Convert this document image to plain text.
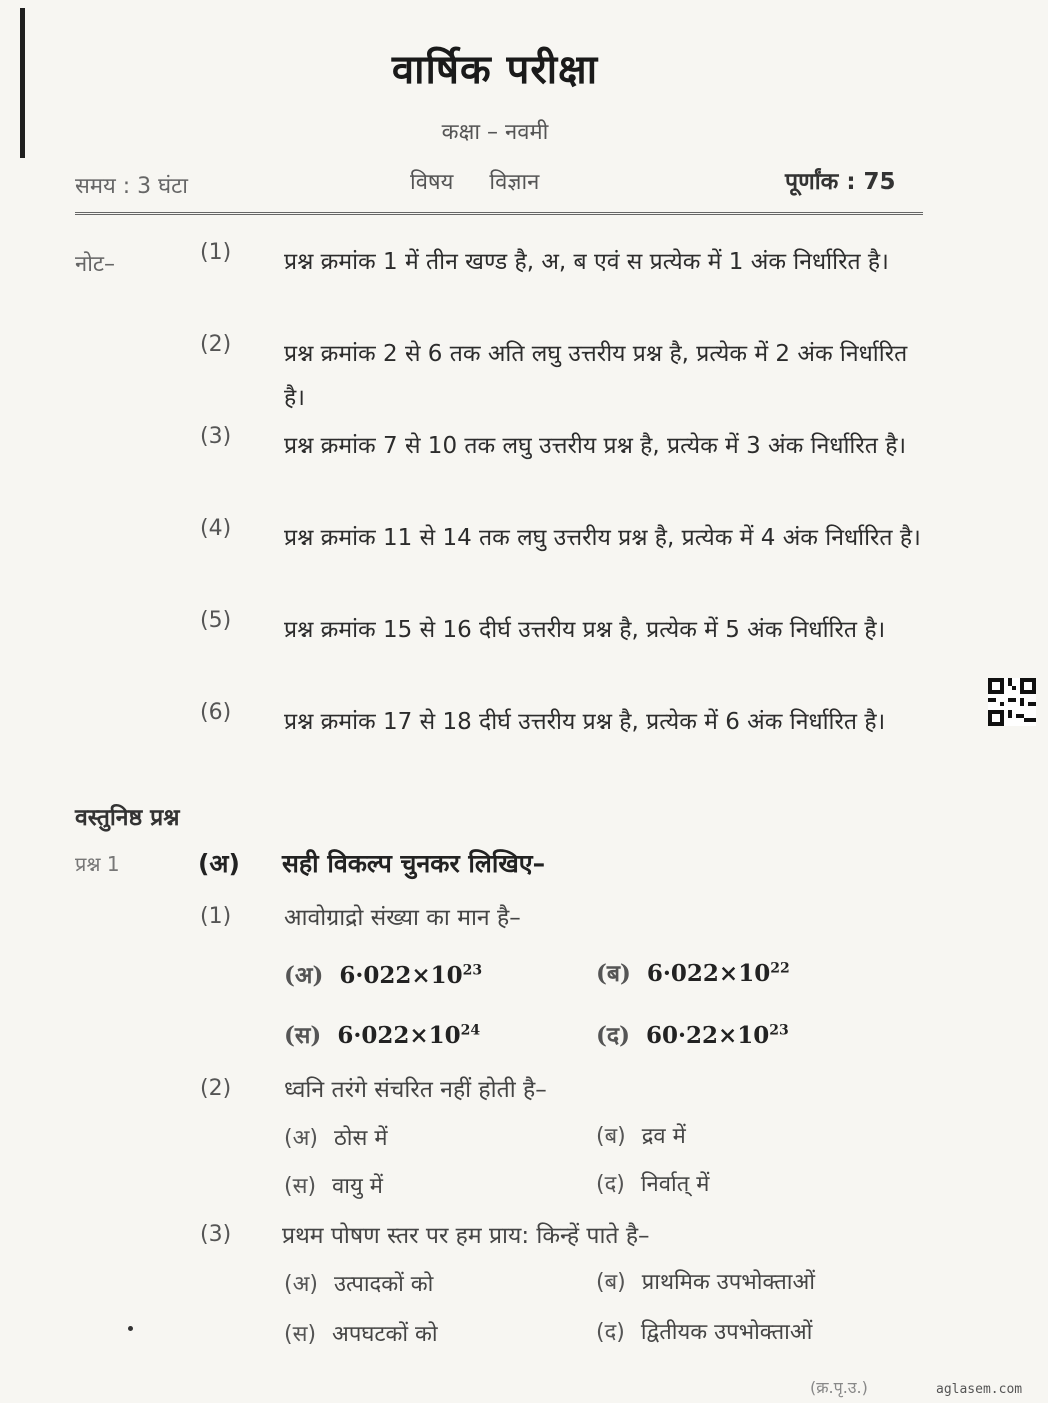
वार्षिक परीक्षा
कक्षा – नवमी
समय : 3 घंटा	विषय विज्ञान	पूर्णांक : 75
नोट–	(1) प्रश्न क्रमांक 1 में तीन खण्ड है, अ, ब एवं स प्रत्येक में 1 अंक निर्धारित है।
(2) प्रश्न क्रमांक 2 से 6 तक अति लघु उत्तरीय प्रश्न है, प्रत्येक में 2 अंक निर्धारित है।
(3) प्रश्न क्रमांक 7 से 10 तक लघु उत्तरीय प्रश्न है, प्रत्येक में 3 अंक निर्धारित है।
(4) प्रश्न क्रमांक 11 से 14 तक लघु उत्तरीय प्रश्न है, प्रत्येक में 4 अंक निर्धारित है।
(5) प्रश्न क्रमांक 15 से 16 दीर्घ उत्तरीय प्रश्न है, प्रत्येक में 5 अंक निर्धारित है।
(6) प्रश्न क्रमांक 17 से 18 दीर्घ उत्तरीय प्रश्न है, प्रत्येक में 6 अंक निर्धारित है।
वस्तुनिष्ठ प्रश्न
प्रश्न 1	(अ) सही विकल्प चुनकर लिखिए–
(1) आवोग्राद्रो संख्या का मान है–
(अ) $6\cdot 022\times 10^{23}$	(ब) $6\cdot 022\times 10^{22}$
(स) $6\cdot 022\times 10^{24}$	(द) $60\cdot 22\times 10^{23}$
(2) ध्वनि तरंगे संचरित नहीं होती है–
(अ) ठोस में	(ब) द्रव में
(स) वायु में	(द) निर्वात् में
(3) प्रथम पोषण स्तर पर हम प्राय: किन्हें पाते है–
(अ) उत्पादकों को	(ब) प्राथमिक उपभोक्ताओं
(स) अपघटकों को	(द) द्वितीयक उपभोक्ताओं
(क्र.पृ.उ.)	aglasem.com
